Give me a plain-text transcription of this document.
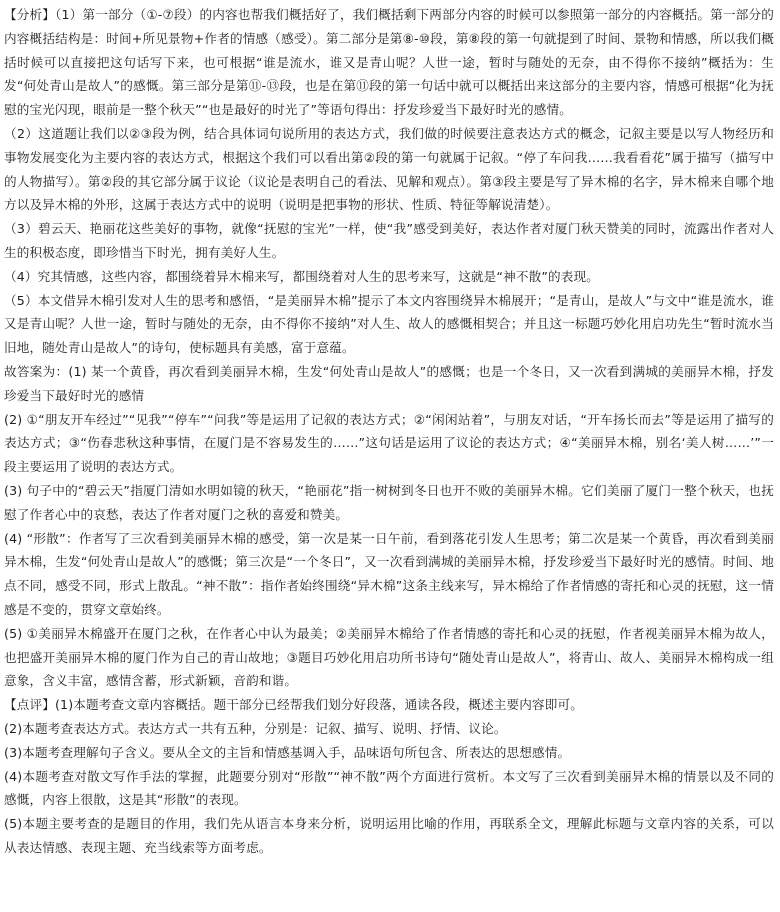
【分析】（1）第一部分（①-⑦段）的内容也帮我们概括好了，我们概括剩下两部分内容的时候可以参照第一部分的内容概括。第一部分的内容概括结构是：时间+所见景物+作者的情感（感受）。第二部分是第⑧-⑩段，第⑧段的第一句就提到了时间、景物和情感，所以我们概括时候可以直接把这句话写下来，也可根据“谁是流水，谁又是青山呢？人世一途，暂时与随处的无奈，由不得你不接纳”概括为：生发“何处青山是故人”的感慨。第三部分是第⑪-⑬段，也是在第⑪段的第一句话中就可以概括出来这部分的主要内容，情感可根据“化为抚慰的宝光闪现，眼前是一整个秋天”“也是最好的时光了”等语句得出：抒发珍爱当下最好时光的感情。

（2）这道题让我们以②③段为例，结合具体词句说所用的表达方式，我们做的时候要注意表达方式的概念，记叙主要是以写人物经历和事物发展变化为主要内容的表达方式，根据这个我们可以看出第②段的第一句就属于记叙。“停了车问我……我看看花”属于描写（描写中的人物描写）。第②段的其它部分属于议论（议论是表明自己的看法、见解和观点）。第③段主要是写了异木棉的名字，异木棉来自哪个地方以及异木棉的外形，这属于表达方式中的说明（说明是把事物的形状、性质、特征等解说清楚）。

（3）碧云天、艳丽花这些美好的事物，就像“抚慰的宝光”一样，使“我”感受到美好，表达作者对厦门秋天赞美的同时，流露出作者对人生的积极态度，即珍惜当下时光，拥有美好人生。

（4）究其情感，这些内容，都围绕着异木棉来写，都围绕着对人生的思考来写，这就是“神不散”的表现。

（5）本文借异木棉引发对人生的思考和感悟，“是美丽异木棉”提示了本文内容围绕异木棉展开；“是青山，是故人”与文中“谁是流水，谁又是青山呢？人世一途，暂时与随处的无奈，由不得你不接纳”对人生、故人的感慨相契合；并且这一标题巧妙化用启功先生“暂时流水当旧地，随处青山是故人”的诗句，使标题具有美感，富于意蕴。

故答案为：(1) 某一个黄昏，再次看到美丽异木棉，生发“何处青山是故人”的感慨；也是一个冬日，又一次看到满城的美丽异木棉，抒发珍爱当下最好时光的感情

(2) ①“朋友开车经过”“见我”“停车”“问我”等是运用了记叙的表达方式；②“闲闲站着”，与朋友对话，“开车扬长而去”等是运用了描写的表达方式；③“伤春悲秋这种事情，在厦门是不容易发生的……”这句话是运用了议论的表达方式；④“美丽异木棉，别名‘美人树……’”一段主要运用了说明的表达方式。

(3) 句子中的“碧云天”指厦门清如水明如镜的秋天，“艳丽花”指一树树到冬日也开不败的美丽异木棉。它们美丽了厦门一整个秋天，也抚慰了作者心中的哀愁，表达了作者对厦门之秋的喜爱和赞美。

(4) “形散”：作者写了三次看到美丽异木棉的感受，第一次是某一日午前，看到落花引发人生思考；第二次是某一个黄昏，再次看到美丽异木棉，生发“何处青山是故人”的感慨；第三次是“一个冬日”，又一次看到满城的美丽异木棉，抒发珍爱当下最好时光的感情。时间、地点不同，感受不同，形式上散乱。“神不散”：指作者始终围绕“异木棉”这条主线来写，异木棉给了作者情感的寄托和心灵的抚慰，这一情感是不变的，贯穿文章始终。

(5) ①美丽异木棉盛开在厦门之秋，在作者心中认为最美；②美丽异木棉给了作者情感的寄托和心灵的抚慰，作者视美丽异木棉为故人，也把盛开美丽异木棉的厦门作为自己的青山故地；③题目巧妙化用启功所书诗句“随处青山是故人”，将青山、故人、美丽异木棉构成一组意象，含义丰富，感情含蓄，形式新颖，音韵和谐。

【点评】(1)本题考查文章内容概括。题干部分已经帮我们划分好段落，通读各段，概述主要内容即可。

(2)本题考查表达方式。表达方式一共有五种，分别是：记叙、描写、说明、抒情、议论。

(3)本题考查理解句子含义。要从全文的主旨和情感基调入手，品味语句所包含、所表达的思想感情。

(4)本题考查对散文写作手法的掌握，此题要分别对“形散”“神不散”两个方面进行赏析。本文写了三次看到美丽异木棉的情景以及不同的感慨，内容上很散，这是其“形散”的表现。

(5)本题主要考查的是题目的作用，我们先从语言本身来分析，说明运用比喻的作用，再联系全文，理解此标题与文章内容的关系，可以从表达情感、表现主题、充当线索等方面考虑。
